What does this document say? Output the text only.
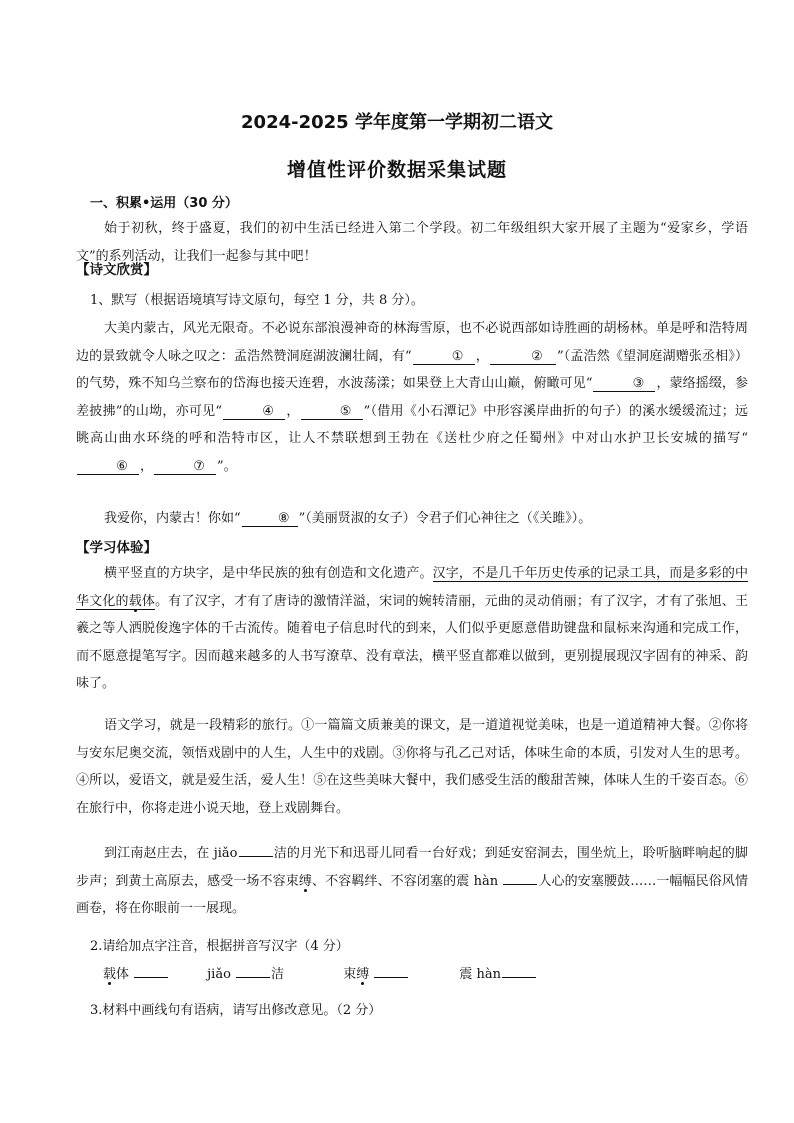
2024-2025 学年度第一学期初二语文
增值性评价数据采集试题
一、积累•运用（30 分）
始于初秋，终于盛夏，我们的初中生活已经进入第二个学段。初二年级组织大家开展了主题为“爱家乡，学语文”的系列活动，让我们一起参与其中吧！
【诗文欣赏】
1、默写（根据语境填写诗文原句，每空 1 分，共 8 分）。
大美内蒙古，风光无限奇。不必说东部浪漫神奇的林海雪原，也不必说西部如诗胜画的胡杨林。单是呼和浩特周边的景致就令人咏之叹之：孟浩然赞洞庭湖波澜壮阔，有“	① ，	② ”（孟浩然《望洞庭湖赠张丞相》）的气势，殊不知乌兰察布的岱海也接天连碧，水波荡漾；如果登上大青山山巅，俯瞰可见“	③ ，蒙络摇缀，参差披拂”的山坳，亦可见“	④ ，	⑤ ”（借用《小石潭记》中形容溪岸曲折的句子）的溪水缓缓流过；远眺高山曲水环绕的呼和浩特市区，让人不禁联想到王勃在《送杜少府之任蜀州》中对山水护卫长安城的描写“⑥ ，	⑦ ”。
我爱你，内蒙古！你如“	⑧ ”（美丽贤淑的女子）令君子们心神往之（《关雎》）。
【学习体验】
横平竖直的方块字，是中华民族的独有创造和文化遗产。汉字，不是几千年历史传承的记录工具，而是多彩的中华文化的载体。有了汉字，才有了唐诗的激情洋溢，宋词的婉转清丽，元曲的灵动俏丽；有了汉字，才有了张旭、王羲之等人洒脱俊逸字体的千古流传。随着电子信息时代的到来，人们似乎更愿意借助键盘和鼠标来沟通和完成工作，而不愿意提笔写字。因而越来越多的人书写潦草、没有章法，横平竖直都难以做到，更别提展现汉字固有的神采、韵味了。
语文学习，就是一段精彩的旅行。①一篇篇文质兼美的课文，是一道道视觉美味，也是一道道精神大餐。②你将与安东尼奥交流，领悟戏剧中的人生，人生中的戏剧。③你将与孔乙己对话，体味生命的本质，引发对人生的思考。④所以，爱语文，就是爱生活，爱人生！⑤在这些美味大餐中，我们感受生活的酸甜苦辣，体味人生的千姿百态。⑥在旅行中，你将走进小说天地，登上戏剧舞台。
到江南赵庄去，在 jiǎo	洁的月光下和迅哥儿同看一台好戏；到延安窑洞去，围坐炕上，聆听脑畔响起的脚步声；到黄土高原去，感受一场不容束缚、不容羁绊、不容闭塞的震 hàn	人心的安塞腰鼓……一幅幅民俗风情画卷，将在你眼前一一展现。
2.请给加点字注音，根据拼音写汉字（4 分）
载体	jiǎo	洁	束缚	震 hàn
3.材料中画线句有语病，请写出修改意见。（2 分）
